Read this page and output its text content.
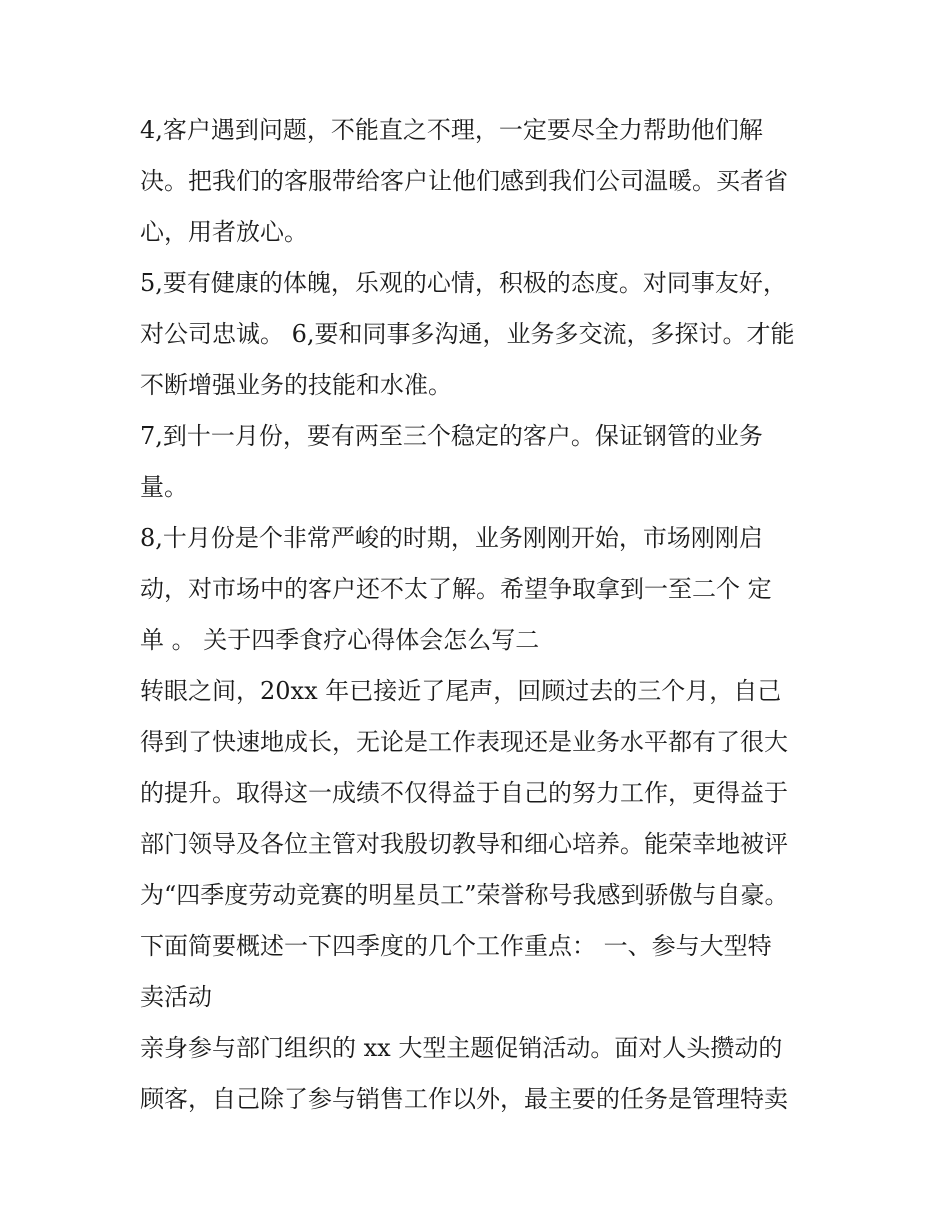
4,客户遇到问题，不能直之不理，一定要尽全力帮助他们解
决。把我们的客服带给客户让他们感到我们公司温暖。买者省
心，用者放心。
5,要有健康的体魄，乐观的心情，积极的态度。对同事友好，
对公司忠诚。 6,要和同事多沟通，业务多交流，多探讨。才能
不断增强业务的技能和水准。
7,到十一月份，要有两至三个稳定的客户。保证钢管的业务
量。
8,十月份是个非常严峻的时期，业务刚刚开始，市场刚刚启
动，对市场中的客户还不太了解。希望争取拿到一至二个 定
单 。 关于四季食疗心得体会怎么写二
转眼之间，20xx 年已接近了尾声，回顾过去的三个月，自己
得到了快速地成长，无论是工作表现还是业务水平都有了很大
的提升。取得这一成绩不仅得益于自己的努力工作，更得益于
部门领导及各位主管对我殷切教导和细心培养。能荣幸地被评
为“四季度劳动竞赛的明星员工”荣誉称号我感到骄傲与自豪。
下面简要概述一下四季度的几个工作重点： 一、参与大型特
卖活动
亲身参与部门组织的 xx 大型主题促销活动。面对人头攒动的
顾客，自己除了参与销售工作以外，最主要的任务是管理特卖
